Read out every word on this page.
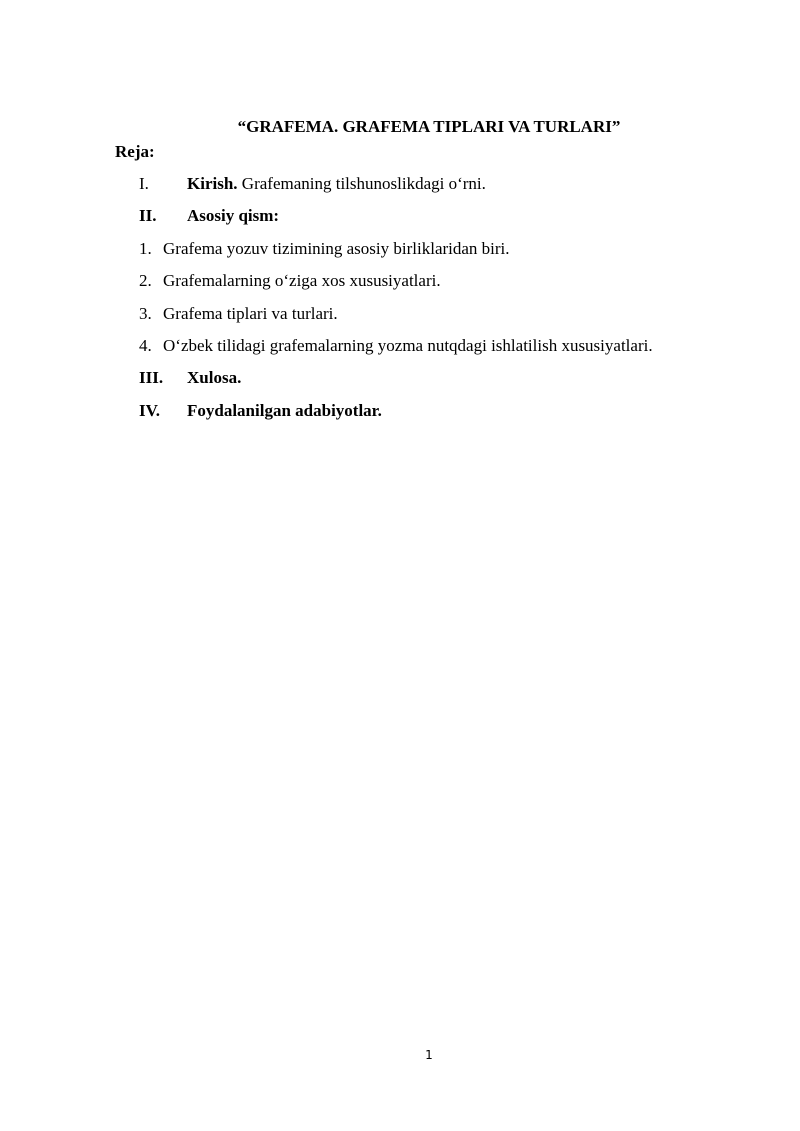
“GRAFEMA. GRAFEMA TIPLARI VA TURLARI”
Reja:
I. Kirish. Grafemaning tilshunoslikdagi o‘rni.
II. Asosiy qism:
1. Grafema yozuv tizimining asosiy birliklaridan biri.
2. Grafemalarning o‘ziga xos xususiyatlari.
3. Grafema tiplari va turlari.
4. O‘zbek tilidagi grafemalarning yozma nutqdagi ishlatilish xususiyatlari.
III. Xulosa.
IV. Foydalanilgan adabiyotlar.
1
